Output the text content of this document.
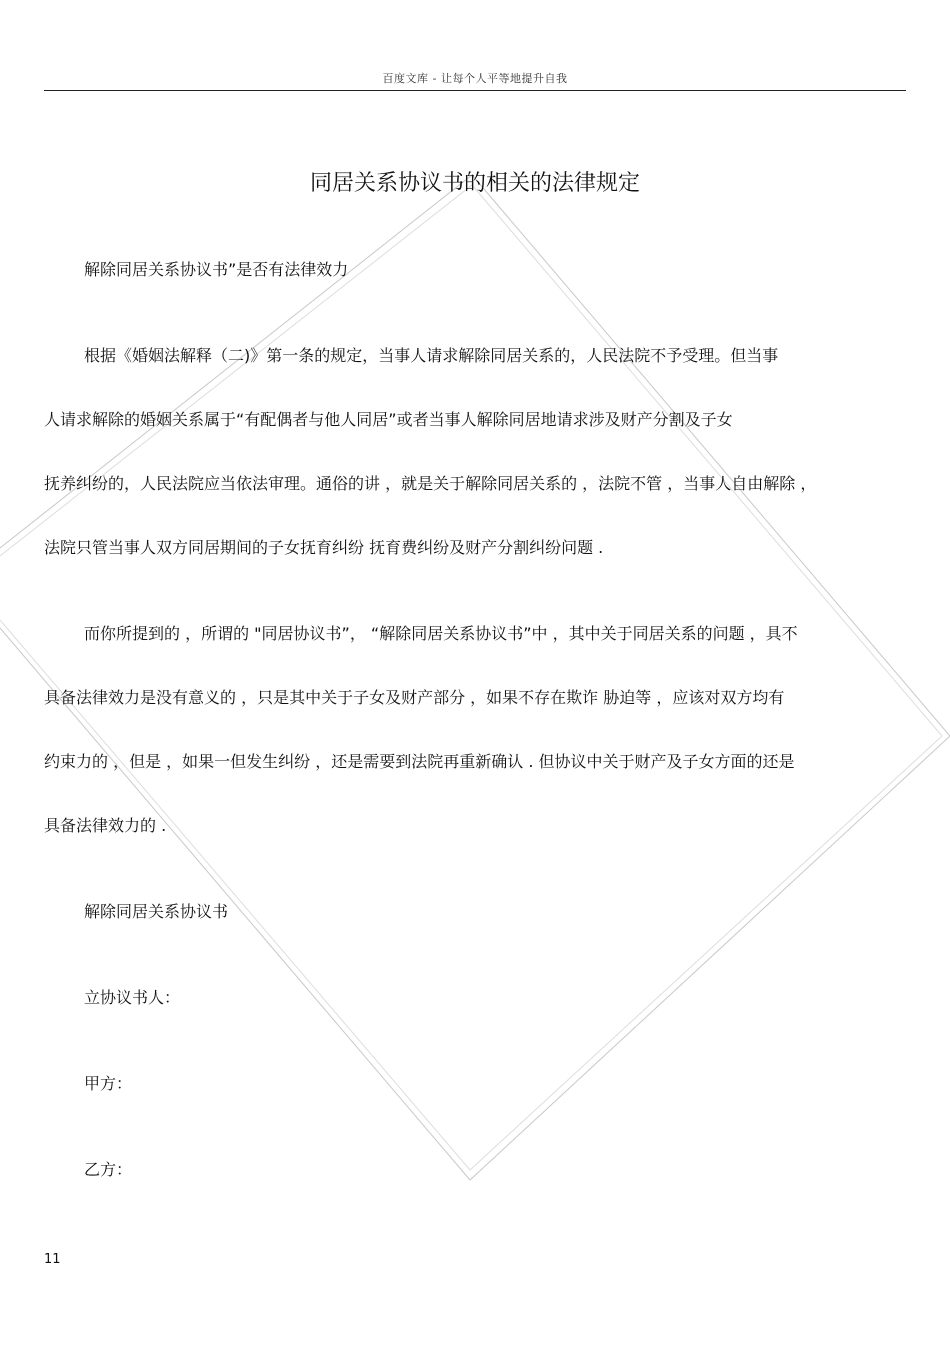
百度文库 - 让每个人平等地提升自我
同居关系协议书的相关的法律规定
解除同居关系协议书”是否有法律效力
根据《婚姻法解释（二)》第一条的规定，当事人请求解除同居关系的，人民法院不予受理。但当事
人请求解除的婚姻关系属于“有配偶者与他人同居”或者当事人解除同居地请求涉及财产分割及子女
抚养纠纷的，人民法院应当依法审理。通俗的讲 ，就是关于解除同居关系的 ，法院不管 ，当事人自由解除 ，
法院只管当事人双方同居期间的子女抚育纠纷 抚育费纠纷及财产分割纠纷问题 .
而你所提到的 ，所谓的 "同居协议书”， “解除同居关系协议书”中 ，其中关于同居关系的问题 ，具不
具备法律效力是没有意义的 ，只是其中关于子女及财产部分 ，如果不存在欺诈 胁迫等 ，应该对双方均有
约束力的 ，但是 ，如果一但发生纠纷 ，还是需要到法院再重新确认 . 但协议中关于财产及子女方面的还是
具备法律效力的 .
解除同居关系协议书
立协议书人：
甲方：
乙方：
11
